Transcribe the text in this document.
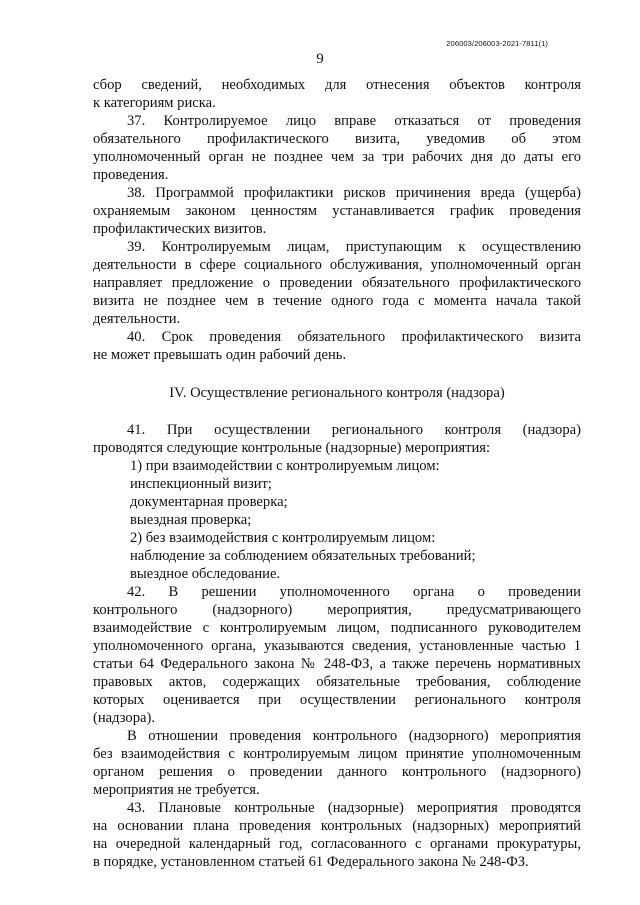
206003/206003-2021-7811(1)
9
сбор сведений, необходимых для отнесения объектов контроля
к категориям риска.
37. Контролируемое лицо вправе отказаться от проведения
обязательного профилактического визита, уведомив об этом
уполномоченный орган не позднее чем за три рабочих дня до даты его
проведения.
38. Программой профилактики рисков причинения вреда (ущерба)
охраняемым законом ценностям устанавливается график проведения
профилактических визитов.
39. Контролируемым лицам, приступающим к осуществлению
деятельности в сфере социального обслуживания, уполномоченный орган
направляет предложение о проведении обязательного профилактического
визита не позднее чем в течение одного года с момента начала такой
деятельности.
40. Срок проведения обязательного профилактического визита
не может превышать один рабочий день.
IV. Осуществление регионального контроля (надзора)
41. При осуществлении регионального контроля (надзора)
проводятся следующие контрольные (надзорные) мероприятия:
1) при взаимодействии с контролируемым лицом:
инспекционный визит;
документарная проверка;
выездная проверка;
2) без взаимодействия с контролируемым лицом:
наблюдение за соблюдением обязательных требований;
выездное обследование.
42. В решении уполномоченного органа о проведении
контрольного (надзорного) мероприятия, предусматривающего
взаимодействие с контролируемым лицом, подписанного руководителем
уполномоченного органа, указываются сведения, установленные частью 1
статьи 64 Федерального закона № 248-ФЗ, а также перечень нормативных
правовых актов, содержащих обязательные требования, соблюдение
которых оценивается при осуществлении регионального контроля
(надзора).
В отношении проведения контрольного (надзорного) мероприятия
без взаимодействия с контролируемым лицом принятие уполномоченным
органом решения о проведении данного контрольного (надзорного)
мероприятия не требуется.
43. Плановые контрольные (надзорные) мероприятия проводятся
на основании плана проведения контрольных (надзорных) мероприятий
на очередной календарный год, согласованного с органами прокуратуры,
в порядке, установленном статьей 61 Федерального закона № 248-ФЗ.
